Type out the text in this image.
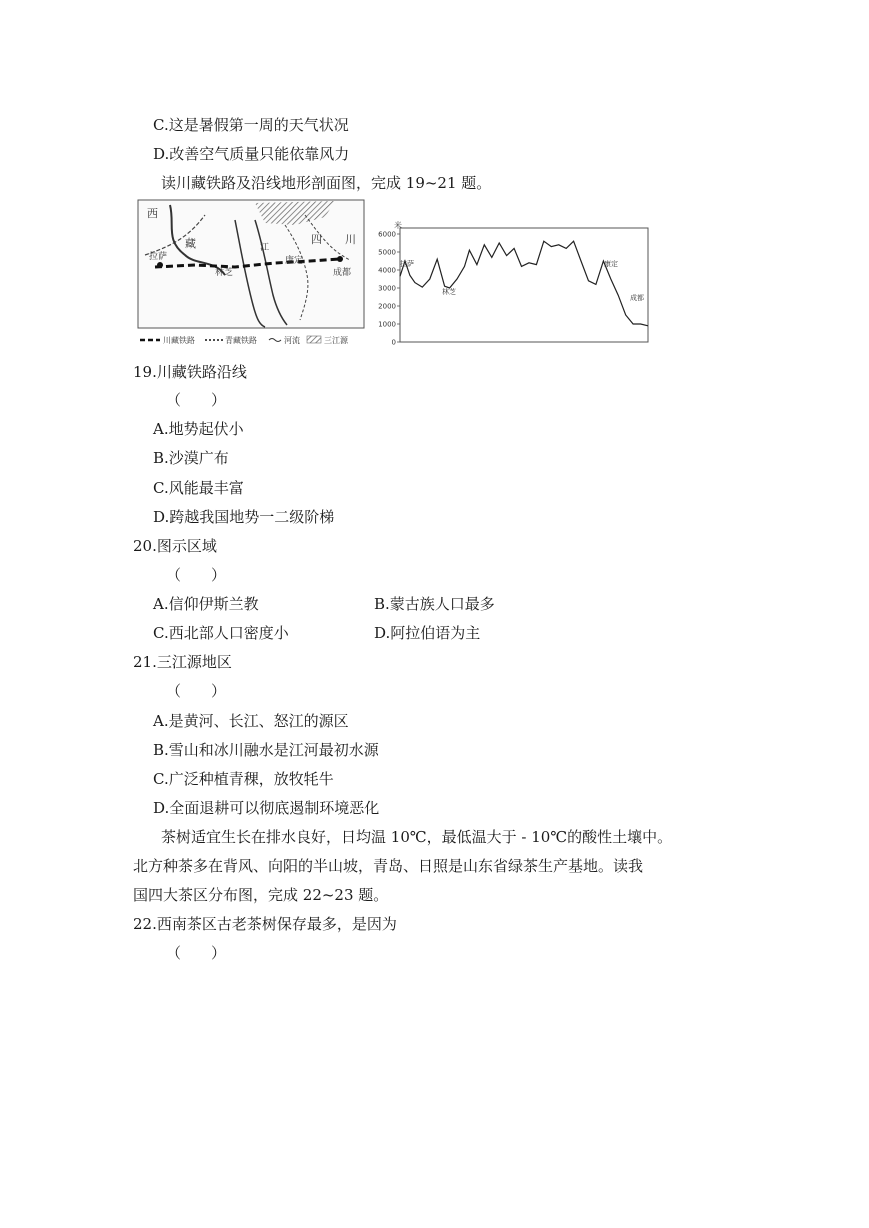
C.这是暑假第一周的天气状况
D.改善空气质量只能依靠风力
读川藏铁路及沿线地形剖面图，完成 19~21 题。
西
藏
拉萨
林芝
江
康定
四 川
成都
川藏铁路	青藏铁路	河流	三江源
6000
5000
4000
3000
2000
1000
0
米
拉萨
林芝
康定
成都
19.川藏铁路沿线
（　　）
A.地势起伏小
B.沙漠广布
C.风能最丰富
D.跨越我国地势一二级阶梯
20.图示区域
（　　）
A.信仰伊斯兰教	B.蒙古族人口最多
C.西北部人口密度小	D.阿拉伯语为主
21.三江源地区
（　　）
A.是黄河、长江、怒江的源区
B.雪山和冰川融水是江河最初水源
C.广泛种植青稞，放牧牦牛
D.全面退耕可以彻底遏制环境恶化
茶树适宜生长在排水良好，日均温 10℃，最低温大于 - 10℃的酸性土壤中。
北方种茶多在背风、向阳的半山坡，青岛、日照是山东省绿茶生产基地。读我
国四大茶区分布图，完成 22~23 题。
22.西南茶区古老茶树保存最多，是因为
（　　）
